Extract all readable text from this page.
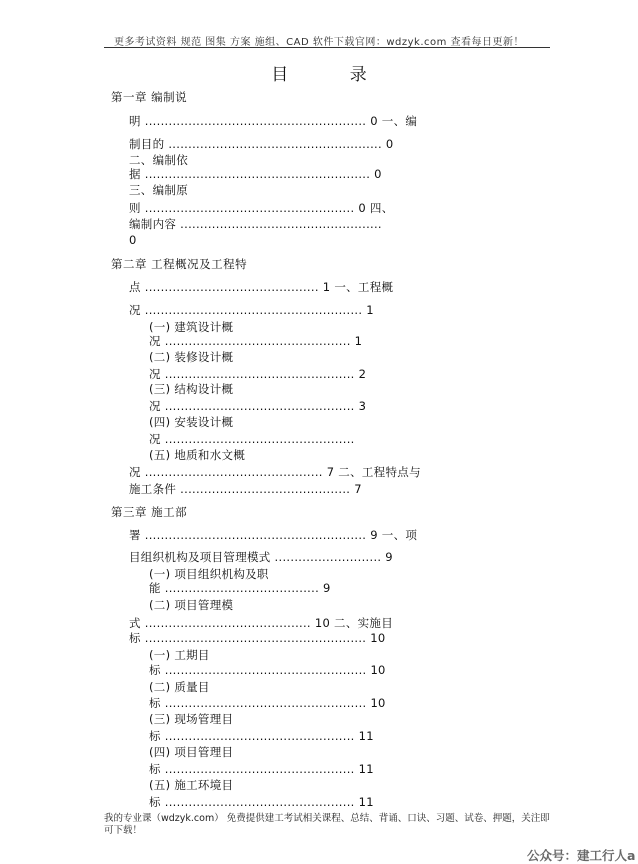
更多考试资料 规范 图集 方案 施组、CAD 软件下载官网：wdzyk.com 查看每日更新！
目 录
第一章 编制说
明 ........................................................ 0 一、编
制目的 ...................................................... 0
二、编制依
据 ......................................................... 0
三、编制原
则 ..................................................... 0 四、
编制内容 ...................................................
0
第二章 工程概况及工程特
点 ............................................ 1 一、工程概
况 ....................................................... 1
(一) 建筑设计概
况 ............................................... 1
(二) 装修设计概
况 ................................................ 2
(三) 结构设计概
况 ................................................ 3
(四) 安装设计概
况 ................................................
(五) 地质和水文概
况 ............................................. 7 二、工程特点与
施工条件 ........................................... 7
第三章 施工部
署 ........................................................ 9 一、项
目组织机构及项目管理模式 ........................... 9
(一) 项目组织机构及职
能 ....................................... 9
(二) 项目管理模
式 .......................................... 10 二、实施目
标 ........................................................ 10
(一) 工期目
标 ................................................... 10
(二) 质量目
标 ................................................... 10
(三) 现场管理目
标 ................................................ 11
(四) 项目管理目
标 ................................................ 11
(五) 施工环境目
标 ................................................ 11
我的专业课（wdzyk.com） 免费提供建工考试相关课程、总结、背诵、口诀、习题、试卷、押题，关注即
可下载！
公众号：建工行人a
